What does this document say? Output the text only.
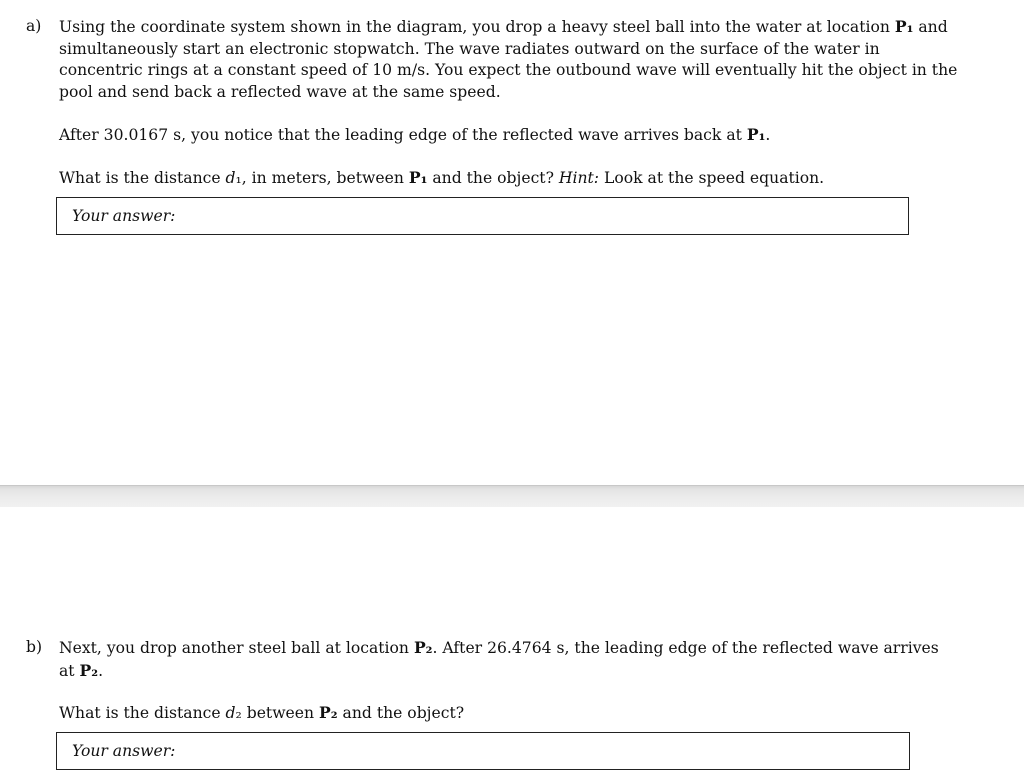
a) Using the coordinate system shown in the diagram, you drop a heavy steel ball into the water at location P₁ and simultaneously start an electronic stopwatch. The wave radiates outward on the surface of the water in concentric rings at a constant speed of 10 m/s. You expect the outbound wave will eventually hit the object in the pool and send back a reflected wave at the same speed.

After 30.0167 s, you notice that the leading edge of the reflected wave arrives back at P₁.

What is the distance d₁, in meters, between P₁ and the object? Hint: Look at the speed equation.

Your answer:
b) Next, you drop another steel ball at location P₂. After 26.4764 s, the leading edge of the reflected wave arrives at P₂.

What is the distance d₂ between P₂ and the object?

Your answer:
